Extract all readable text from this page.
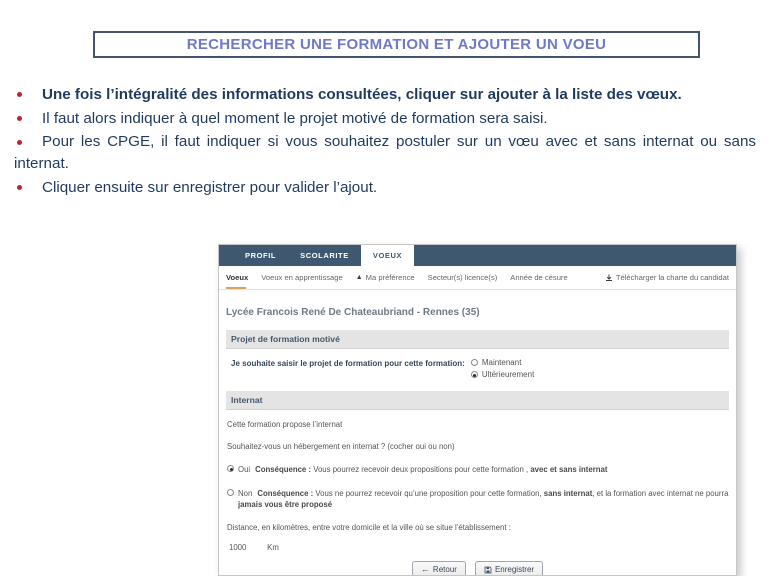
RECHERCHER UNE FORMATION ET AJOUTER UN VOEU

Une fois l’intégralité des informations consultées, cliquer sur ajouter à la liste des vœux.

Il faut alors indiquer à quel moment le projet motivé de formation sera saisi.

Pour les CPGE, il faut indiquer si vous souhaitez postuler sur un vœu avec et sans internat ou sans internat.

Cliquer ensuite sur enregistrer pour valider l’ajout.

PROFIL	SCOLARITE	VOEUX
Voeux Voeux en apprentissage ▲ Ma préférence Secteur(s) licence(s) Année de césure	Télécharger la charte du candidat
Lycée Francois René De Chateaubriand - Rennes (35)
Projet de formation motivé
Je souhaite saisir le projet de formation pour cette formation: Maintenant
Ultérieurement
Internat
Cette formation propose l’internat
Souhaitez-vous un hébergement en internat ? (cocher oui ou non)
Oui Conséquence : Vous pourrez recevoir deux propositions pour cette formation , avec et sans internat
Non Conséquence : Vous ne pourrez recevoir qu’une proposition pour cette formation, sans internat, et la formation avec internat ne pourra jamais vous être proposé
Distance, en kilomètres, entre votre domicile et la ville où se situe l’établissement :
1000	Km
← Retour	Enregistrer
